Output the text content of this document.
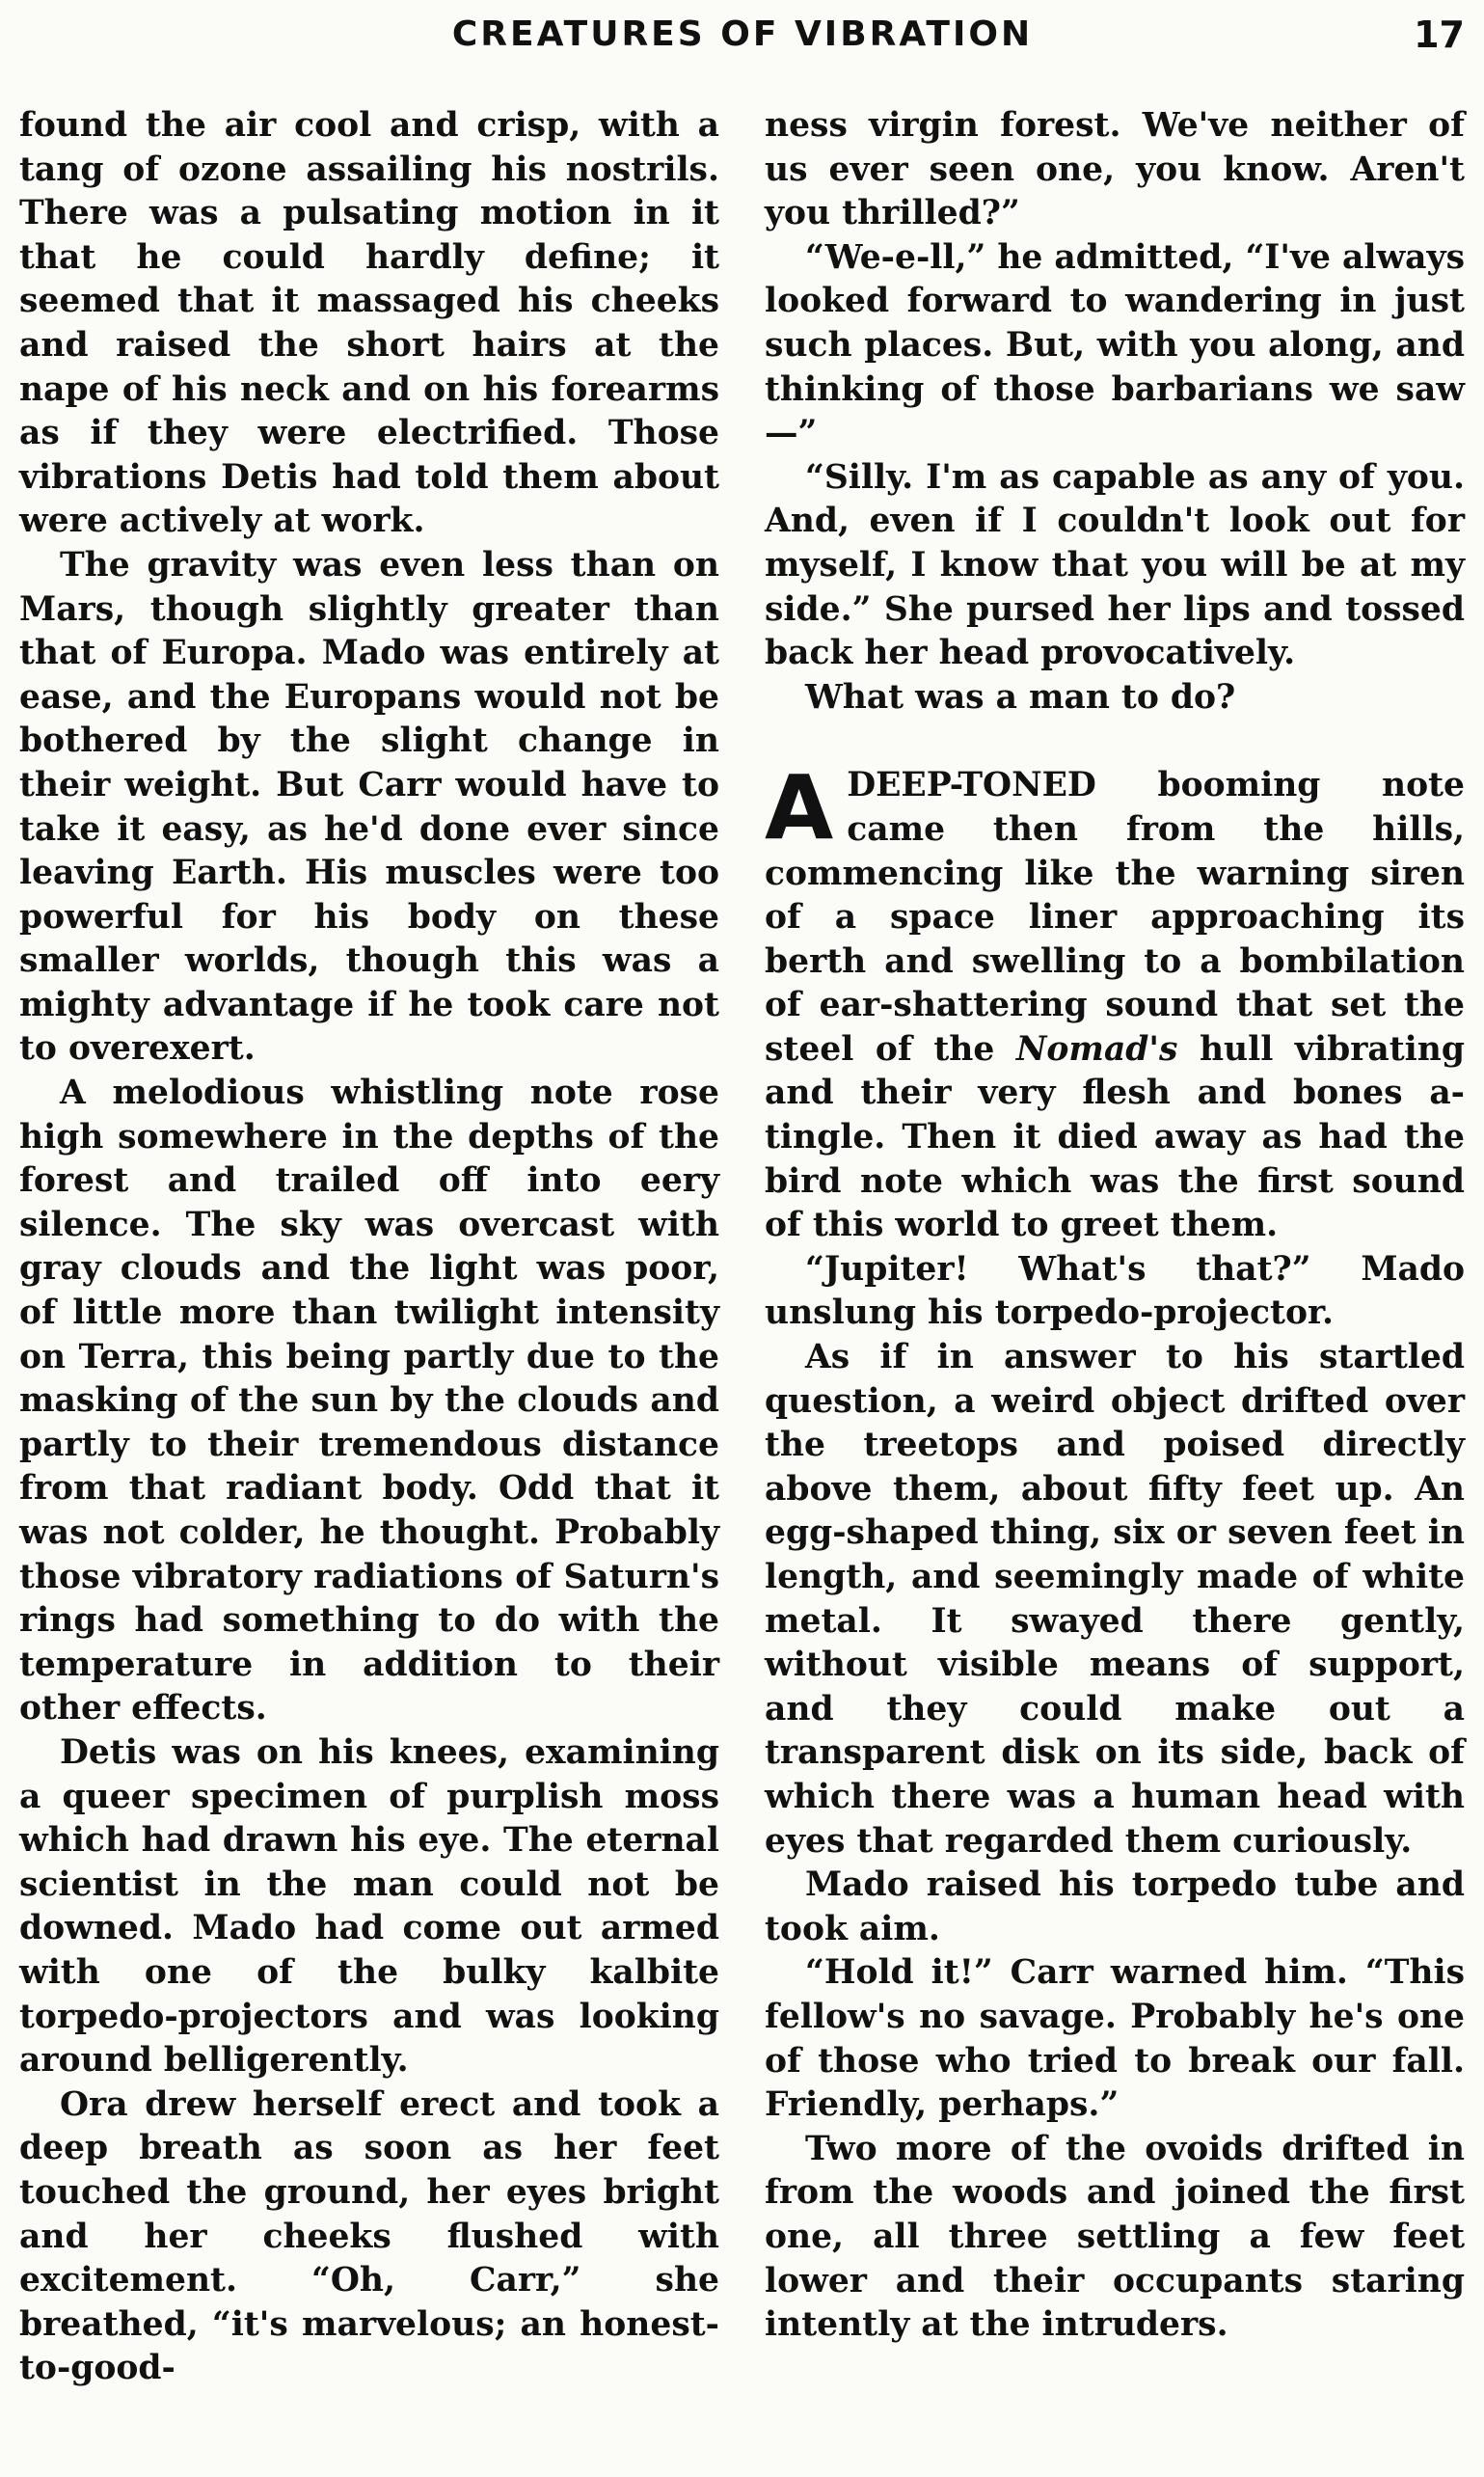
CREATURES OF VIBRATION	17

found the air cool and crisp, with a tang of ozone assailing his nostrils. There was a pulsating motion in it that he could hardly define; it seemed that it massaged his cheeks and raised the short hairs at the nape of his neck and on his forearms as if they were electrified. Those vibrations Detis had told them about were actively at work.

The gravity was even less than on Mars, though slightly greater than that of Europa. Mado was entirely at ease, and the Europans would not be bothered by the slight change in their weight. But Carr would have to take it easy, as he'd done ever since leaving Earth. His muscles were too powerful for his body on these smaller worlds, though this was a mighty advantage if he took care not to overexert.

A melodious whistling note rose high somewhere in the depths of the forest and trailed off into eery silence. The sky was overcast with gray clouds and the light was poor, of little more than twilight intensity on Terra, this being partly due to the masking of the sun by the clouds and partly to their tremendous distance from that radiant body. Odd that it was not colder, he thought. Probably those vibratory radiations of Saturn's rings had something to do with the temperature in addition to their other effects.

Detis was on his knees, examining a queer specimen of purplish moss which had drawn his eye. The eternal scientist in the man could not be downed. Mado had come out armed with one of the bulky kalbite torpedo-projectors and was looking around belligerently.

Ora drew herself erect and took a deep breath as soon as her feet touched the ground, her eyes bright and her cheeks flushed with excitement. “Oh, Carr,” she breathed, “it's marvelous; an honest-to-good-

ness virgin forest. We've neither of us ever seen one, you know. Aren't you thrilled?”

“We-e-ll,” he admitted, “I've always looked forward to wandering in just such places. But, with you along, and thinking of those barbarians we saw—”

“Silly. I'm as capable as any of you. And, even if I couldn't look out for myself, I know that you will be at my side.” She pursed her lips and tossed back her head provocatively.

What was a man to do?

ADEEP-TONED booming note came then from the hills, commencing like the warning siren of a space liner approaching its berth and swelling to a bombilation of ear-shattering sound that set the steel of the Nomad's hull vibrating and their very flesh and bones a-tingle. Then it died away as had the bird note which was the first sound of this world to greet them.

“Jupiter! What's that?” Mado unslung his torpedo-projector.

As if in answer to his startled question, a weird object drifted over the treetops and poised directly above them, about fifty feet up. An egg-shaped thing, six or seven feet in length, and seemingly made of white metal. It swayed there gently, without visible means of support, and they could make out a transparent disk on its side, back of which there was a human head with eyes that regarded them curiously.

Mado raised his torpedo tube and took aim.

“Hold it!” Carr warned him. “This fellow's no savage. Probably he's one of those who tried to break our fall. Friendly, perhaps.”

Two more of the ovoids drifted in from the woods and joined the first one, all three settling a few feet lower and their occupants staring intently at the intruders.
